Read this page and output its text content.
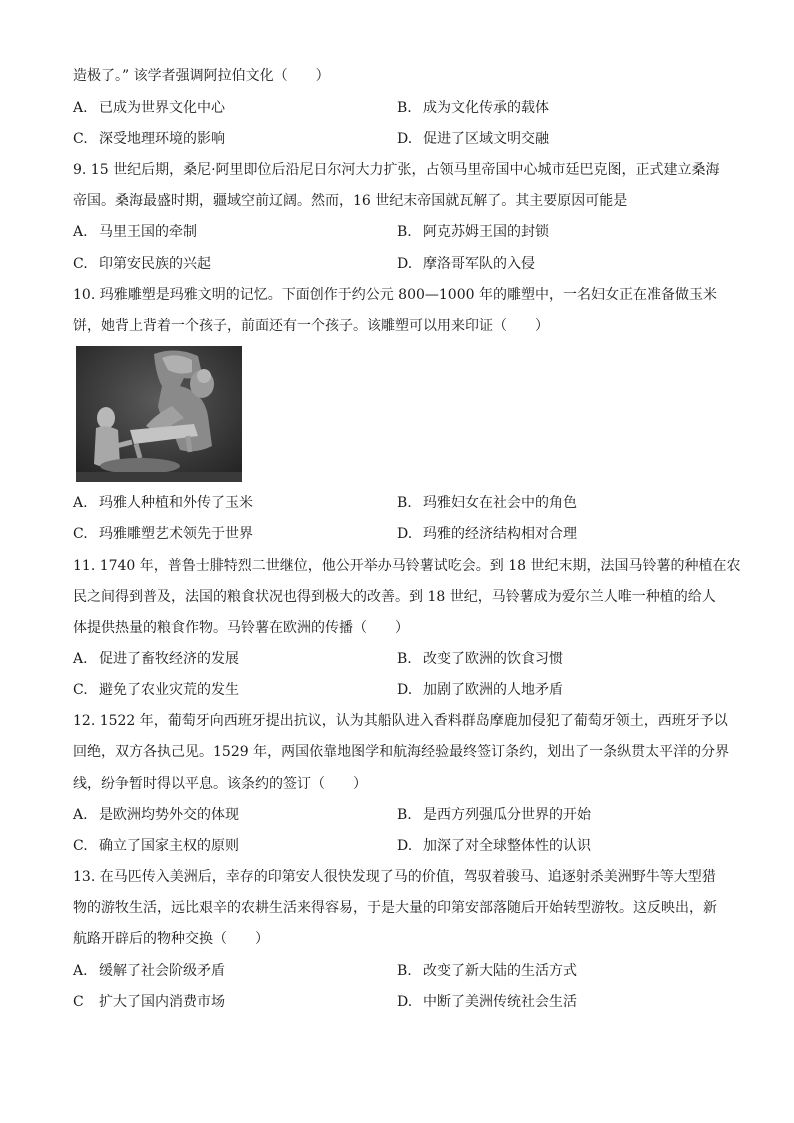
造极了。” 该学者强调阿拉伯文化（　　）
A. 已成为世界文化中心	B. 成为文化传承的载体
C. 深受地理环境的影响	D. 促进了区域文明交融
9. 15 世纪后期，桑尼·阿里即位后沿尼日尔河大力扩张，占领马里帝国中心城市廷巴克图，正式建立桑海
帝国。桑海最盛时期，疆域空前辽阔。然而，16 世纪末帝国就瓦解了。其主要原因可能是
A. 马里王国的牵制	B. 阿克苏姆王国的封锁
C. 印第安民族的兴起	D. 摩洛哥军队的入侵
10. 玛雅雕塑是玛雅文明的记忆。下面创作于约公元 800—1000 年的雕塑中，一名妇女正在准备做玉米
饼，她背上背着一个孩子，前面还有一个孩子。该雕塑可以用来印证（　　）
A. 玛雅人种植和外传了玉米	B. 玛雅妇女在社会中的角色
C. 玛雅雕塑艺术领先于世界	D. 玛雅的经济结构相对合理
11. 1740 年，普鲁士腓特烈二世继位，他公开举办马铃薯试吃会。到 18 世纪末期，法国马铃薯的种植在农
民之间得到普及，法国的粮食状况也得到极大的改善。到 18 世纪，马铃薯成为爱尔兰人唯一种植的给人
体提供热量的粮食作物。马铃薯在欧洲的传播（　　）
A. 促进了畜牧经济的发展	B. 改变了欧洲的饮食习惯
C. 避免了农业灾荒的发生	D. 加剧了欧洲的人地矛盾
12. 1522 年，葡萄牙向西班牙提出抗议，认为其船队进入香料群岛摩鹿加侵犯了葡萄牙领土，西班牙予以
回绝，双方各执己见。1529 年，两国依靠地图学和航海经验最终签订条约，划出了一条纵贯太平洋的分界
线，纷争暂时得以平息。该条约的签订（　　）
A. 是欧洲均势外交的体现	B. 是西方列强瓜分世界的开始
C. 确立了国家主权的原则	D. 加深了对全球整体性的认识
13. 在马匹传入美洲后，幸存的印第安人很快发现了马的价值，驾驭着骏马、追逐射杀美洲野牛等大型猎
物的游牧生活，远比艰辛的农耕生活来得容易，于是大量的印第安部落随后开始转型游牧。这反映出，新
航路开辟后的物种交换（　　）
A. 缓解了社会阶级矛盾	B. 改变了新大陆的生活方式
C 扩大了国内消费市场	D. 中断了美洲传统社会生活
